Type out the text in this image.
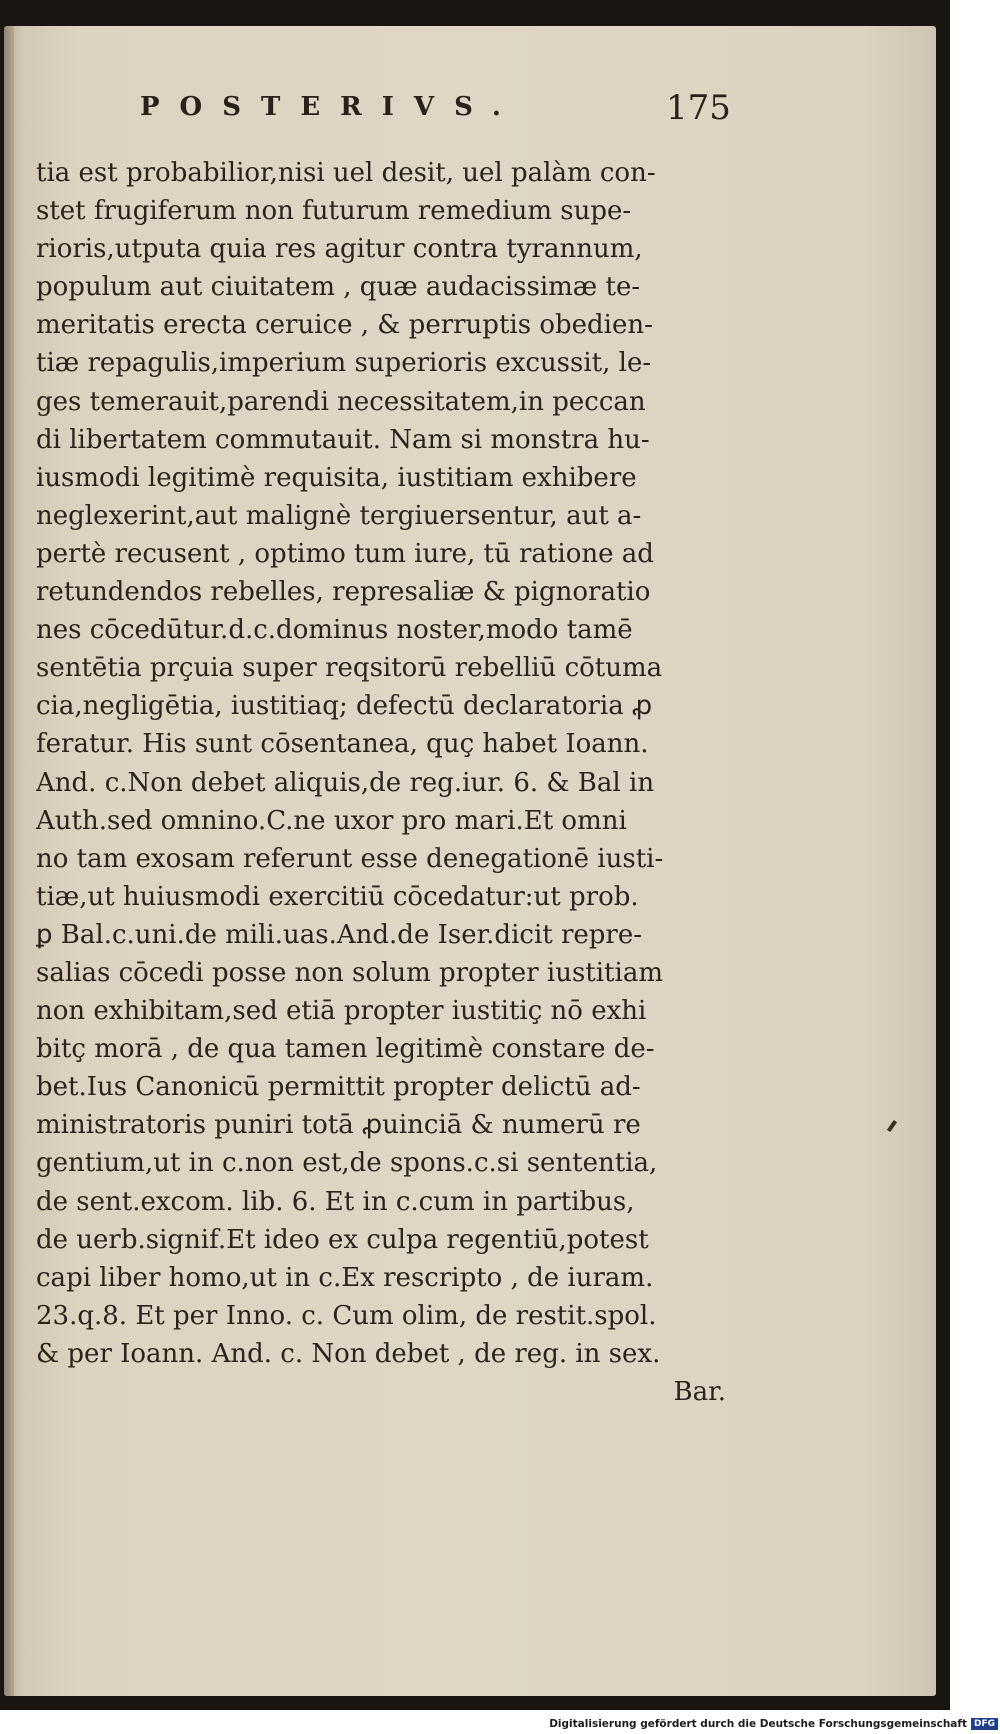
POSTERIVS.	175
tia est probabilior,nisi uel desit, uel palàm con-
stet frugiferum non futurum remedium supe-
rioris,utputa quia res agitur contra tyrannum,
populum aut ciuitatem , quæ audacissimæ te-
meritatis erecta ceruice , & perruptis obedien-
tiæ repagulis,imperium superioris excussit, le-
ges temerauit,parendi necessitatem,in peccan
di libertatem commutauit. Nam si monstra hu-
iusmodi legitimè requisita, iustitiam exhibere
neglexerint,aut malignè tergiuersentur, aut a-
pertè recusent , optimo tum iure, tū ratione ad
retundendos rebelles, represaliæ & pignoratio
nes cōcedūtur.d.c.dominus noster,modo tamē
sentētia prçuia super reqsitorū rebelliū cōtuma
cia,negligētia, iustitiaq; defectū declaratoria ꝓ
feratur. His sunt cōsentanea, quç habet Ioann.
And. c.Non debet aliquis,de reg.iur. 6. & Bal in
Auth.sed omnino.C.ne uxor pro mari.Et omni
no tam exosam referunt esse denegationē iusti-
tiæ,ut huiusmodi exercitiū cōcedatur:ut prob.
ꝑ Bal.c.uni.de mili.uas.And.de Iser.dicit repre-
salias cōcedi posse non solum propter iustitiam
non exhibitam,sed etiā propter iustitiç nō exhi
bitç morā , de qua tamen legitimè constare de-
bet.Ius Canonicū permittit propter delictū ad-
ministratoris puniri totā ꝓuinciā & numerū re
gentium,ut in c.non est,de spons.c.si sententia,
de sent.excom. lib. 6. Et in c.cum in partibus,
de uerb.signif.Et ideo ex culpa regentiū,potest
capi liber homo,ut in c.Ex rescripto , de iuram.
23.q.8. Et per Inno. c. Cum olim, de restit.spol.
& per Ioann. And. c. Non debet , de reg. in sex.
Bar.
Digitalisierung gefördert durch die Deutsche Forschungsgemeinschaft DFG
